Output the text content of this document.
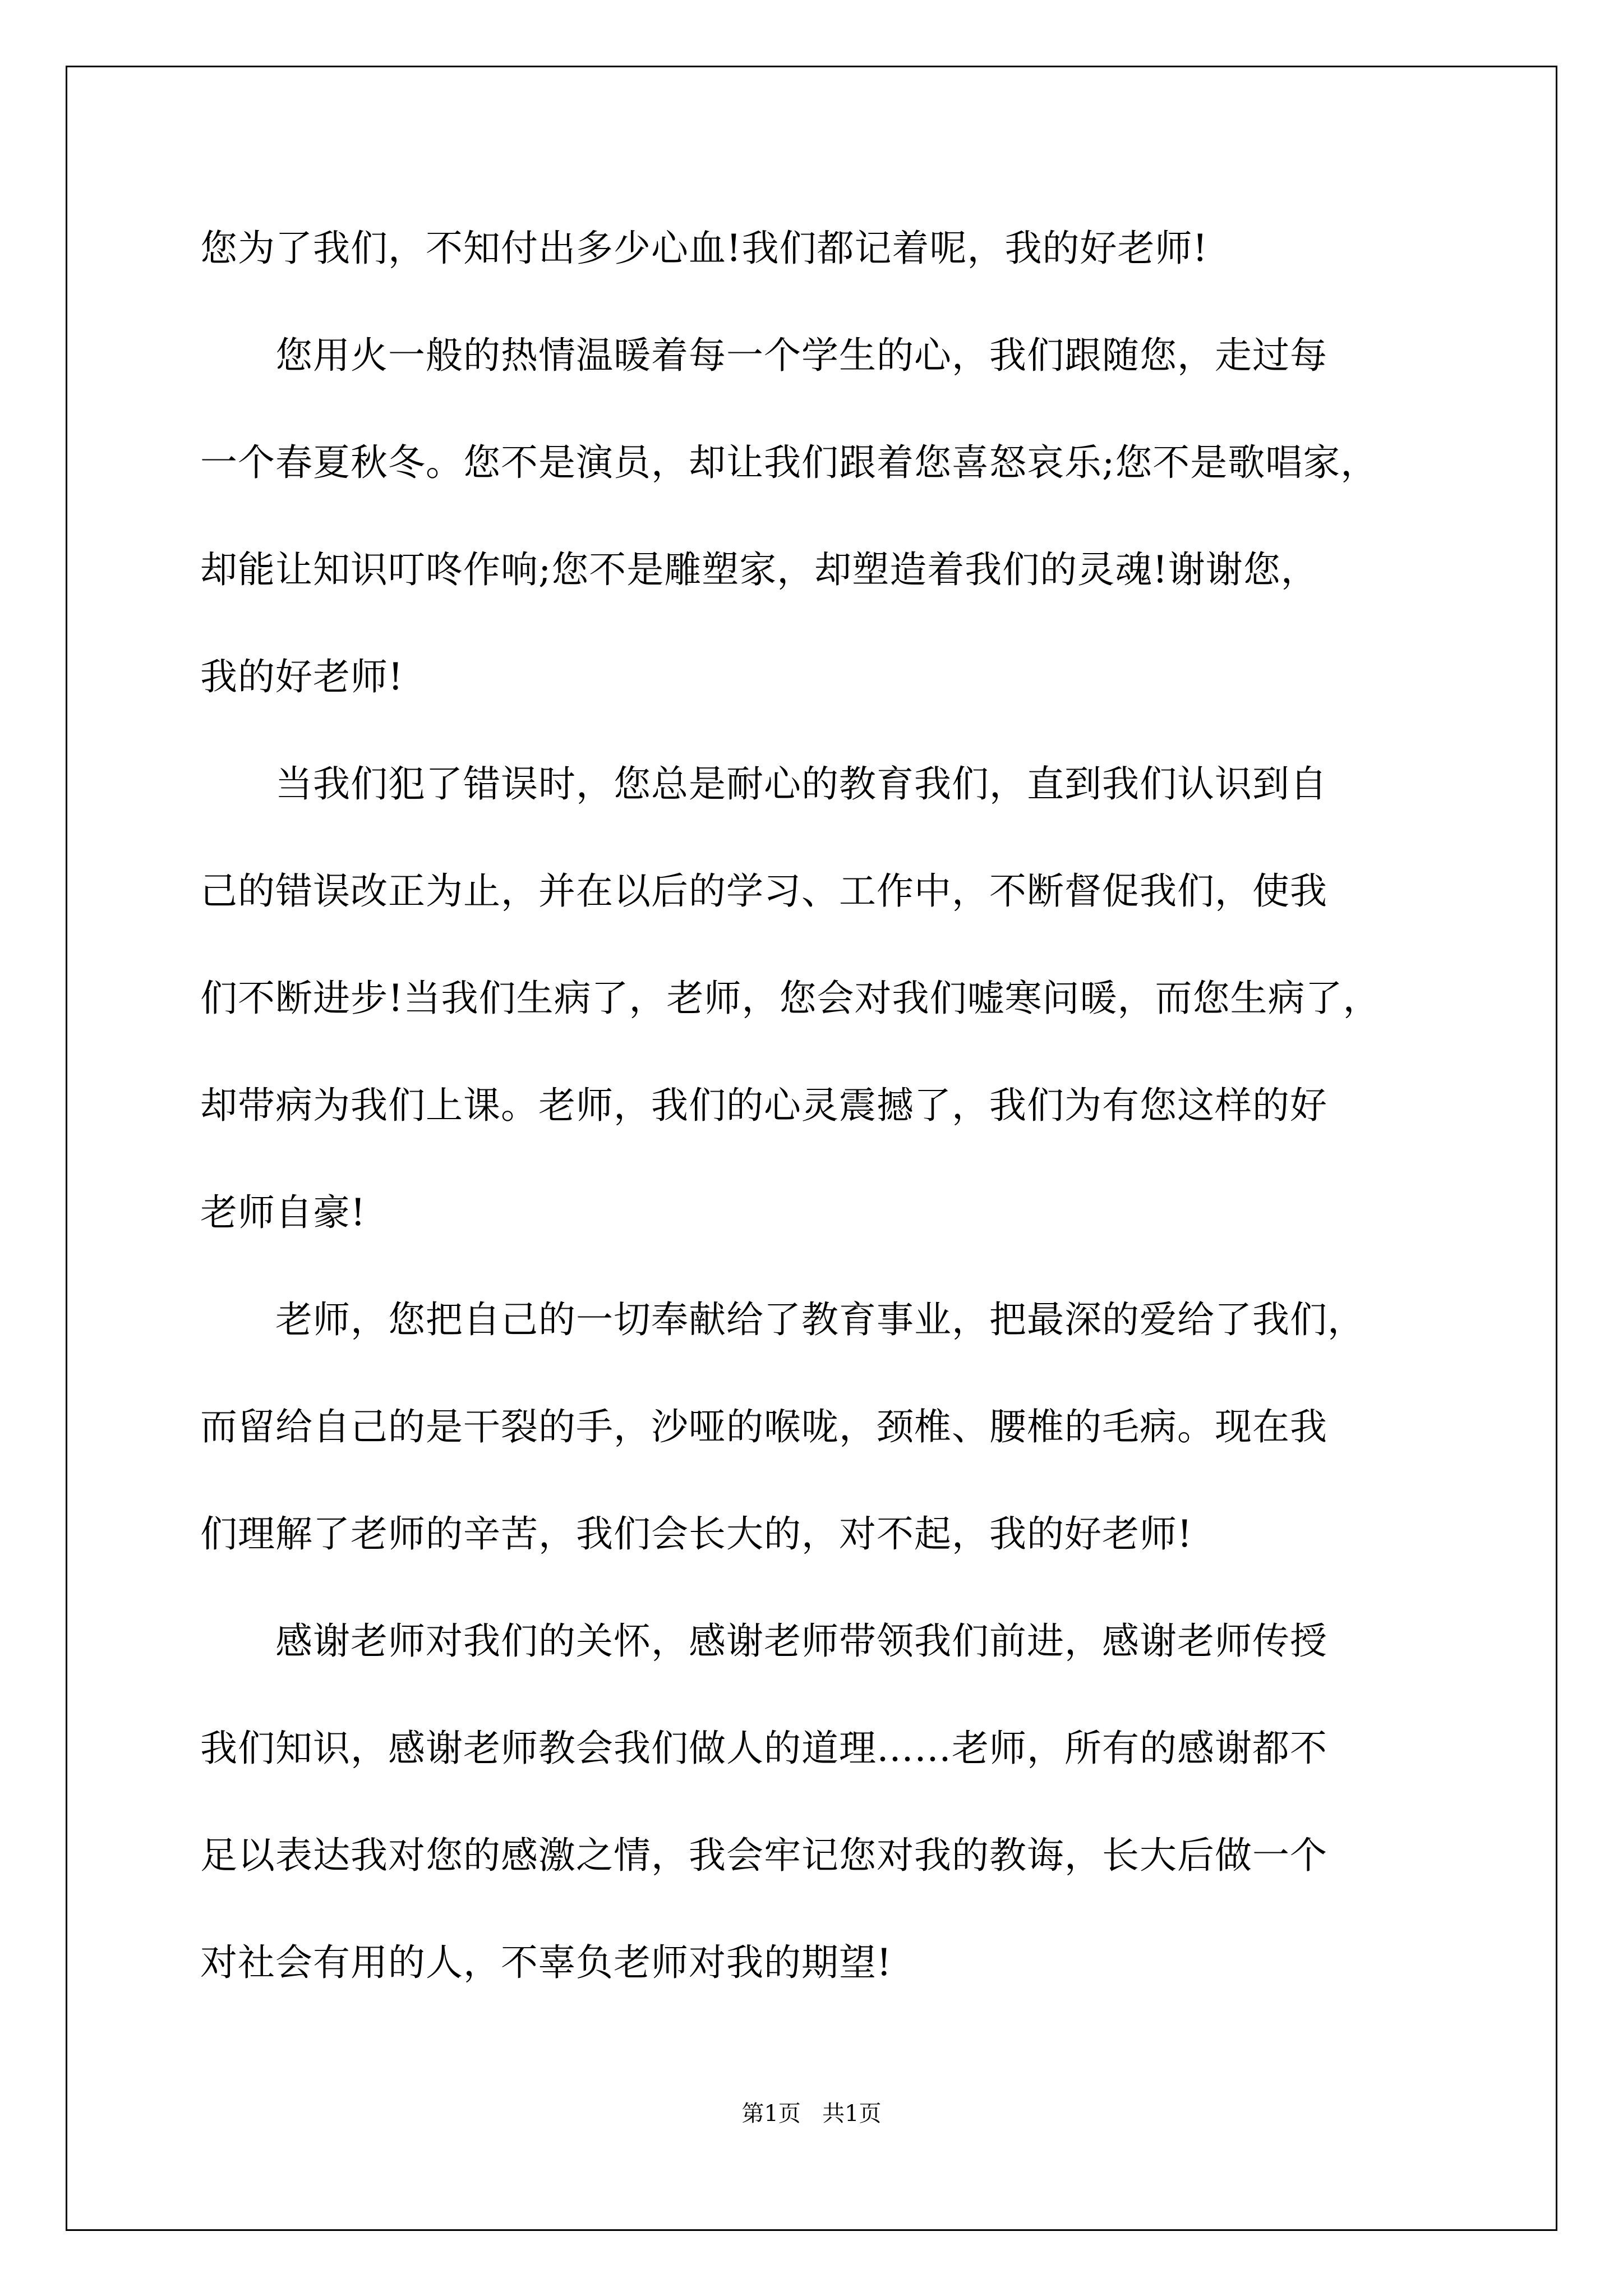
您为了我们，不知付出多少心血!我们都记着呢，我的好老师!
　　您用火一般的热情温暖着每一个学生的心，我们跟随您，走过每
一个春夏秋冬。您不是演员，却让我们跟着您喜怒哀乐;您不是歌唱家，
却能让知识叮咚作响;您不是雕塑家，却塑造着我们的灵魂!谢谢您，
我的好老师!
　　当我们犯了错误时，您总是耐心的教育我们，直到我们认识到自
己的错误改正为止，并在以后的学习、工作中，不断督促我们，使我
们不断进步!当我们生病了，老师，您会对我们嘘寒问暖，而您生病了，
却带病为我们上课。老师，我们的心灵震撼了，我们为有您这样的好
老师自豪!
　　老师，您把自己的一切奉献给了教育事业，把最深的爱给了我们，
而留给自己的是干裂的手，沙哑的喉咙，颈椎、腰椎的毛病。现在我
们理解了老师的辛苦，我们会长大的，对不起，我的好老师!
　　感谢老师对我们的关怀，感谢老师带领我们前进，感谢老师传授
我们知识，感谢老师教会我们做人的道理……老师，所有的感谢都不
足以表达我对您的感激之情，我会牢记您对我的教诲，长大后做一个
对社会有用的人，不辜负老师对我的期望!
第1页 共1页
